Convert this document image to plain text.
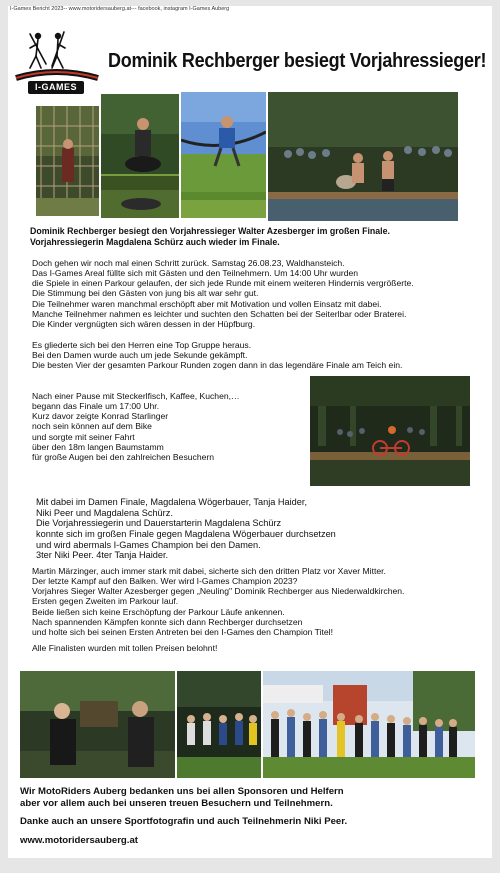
I-Games Bericht 2023-- www.motoridersauberg.at--- facebook, instagram I-Games Auberg
I-GAMES
Dominik Rechberger besiegt Vorjahressieger!
Dominik Rechberger besiegt den Vorjahressieger Walter Azesberger im großen Finale.
Vorjahressiegerin Magdalena Schürz auch wieder im Finale.
Doch gehen wir noch mal einen Schritt zurück. Samstag 26.08.23, Waldhansteich.
Das I-Games Areal füllte sich mit Gästen und den Teilnehmern. Um 14:00 Uhr wurden
die Spiele in einen Parkour gelaufen, der sich jede Runde mit einem weiteren Hindernis vergrößerte.
Die Stimmung bei den Gästen von jung bis alt war sehr gut.
Die Teilnehmer waren manchmal erschöpft aber mit Motivation und vollen Einsatz mit dabei.
Manche Teilnehmer nahmen es leichter und suchten den Schatten bei der Seiterlbar oder Braterei.
Die Kinder vergnügten sich wären dessen in der Hüpfburg.
Es gliederte sich bei den Herren eine Top Gruppe heraus.
Bei den Damen wurde auch um jede Sekunde gekämpft.
Die besten Vier der gesamten Parkour Runden zogen dann in das legendäre Finale am Teich ein.
Nach einer Pause mit Steckerlfisch, Kaffee, Kuchen,…
begann das Finale um 17:00 Uhr.
Kurz davor zeigte Konrad Starlinger
noch sein können auf dem Bike
und sorgte mit seiner Fahrt
über den 18m langen Baumstamm
für große Augen bei den zahlreichen Besuchern
Mit dabei im Damen Finale, Magdalena Wögerbauer, Tanja Haider,
Niki Peer und Magdalena Schürz.
Die Vorjahressiegerin und Dauerstarterin Magdalena Schürz
konnte sich im großen Finale gegen Magdalena Wögerbauer durchsetzen
und wird abermals I-Games Champion bei den Damen.
3ter Niki Peer. 4ter Tanja Haider.
Martin Märzinger, auch immer stark mit dabei, sicherte sich den dritten Platz vor Xaver Mitter.
Der letzte Kampf auf den Balken. Wer wird I-Games Champion 2023?
Vorjahres Sieger Walter Azesberger gegen „Neuling" Dominik Rechberger aus Niederwaldkirchen.
Ersten gegen Zweiten im Parkour lauf.
Beide ließen sich keine Erschöpfung der Parkour Läufe ankennen.
Nach spannenden Kämpfen konnte sich dann Rechberger durchsetzen
und holte sich bei seinen Ersten Antreten bei den I-Games den Champion Titel!
Alle Finalisten wurden mit tollen Preisen belohnt!
Wir MotoRiders Auberg bedanken uns bei allen Sponsoren und Helfern
aber vor allem auch bei unseren treuen Besuchern und Teilnehmern.
Danke auch an unsere Sportfotografin und auch Teilnehmerin Niki Peer.
www.motoridersauberg.at
